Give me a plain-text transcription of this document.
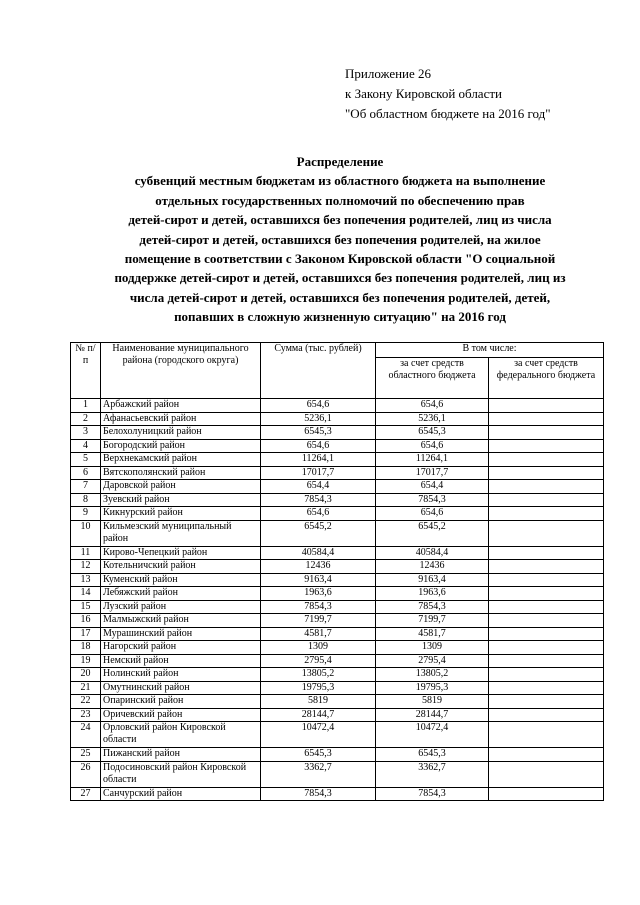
Приложение 26
к Закону Кировской области
"Об областном бюджете на 2016 год"
Распределение
субвенций местным бюджетам из областного бюджета на выполнение
отдельных государственных полномочий по обеспечению прав
детей-сирот и детей, оставшихся без попечения родителей, лиц из числа
детей-сирот и детей, оставшихся без попечения родителей, на жилое
помещение в соответствии с Законом Кировской области "О социальной
поддержке детей-сирот и детей, оставшихся без попечения родителей, лиц из
числа детей-сирот и детей, оставшихся без попечения родителей, детей,
попавших в сложную жизненную ситуацию" на 2016 год
№ п/п	Наименование муниципального района (городского округа)	Сумма (тыс. рублей)	В том числе:	
			за счет средств областного бюджета	за счет средств федерального бюджета
1	Арбажский район	654,6	654,6	
2	Афанасьевский район	5236,1	5236,1	
3	Белохолуницкий район	6545,3	6545,3	
4	Богородский район	654,6	654,6	
5	Верхнекамский район	11264,1	11264,1	
6	Вятскополянский район	17017,7	17017,7	
7	Даровской район	654,4	654,4	
8	Зуевский район	7854,3	7854,3	
9	Кикнурский район	654,6	654,6	
10	Кильмезский муниципальный район	6545,2	6545,2	
11	Кирово-Чепецкий район	40584,4	40584,4	
12	Котельничский район	12436	12436	
13	Куменский район	9163,4	9163,4	
14	Лебяжский район	1963,6	1963,6	
15	Лузский район	7854,3	7854,3	
16	Малмыжский район	7199,7	7199,7	
17	Мурашинский район	4581,7	4581,7	
18	Нагорский район	1309	1309	
19	Немский район	2795,4	2795,4	
20	Нолинский район	13805,2	13805,2	
21	Омутнинский район	19795,3	19795,3	
22	Опаринский район	5819	5819	
23	Оричевский район	28144,7	28144,7	
24	Орловский район Кировской области	10472,4	10472,4	
25	Пижанский район	6545,3	6545,3	
26	Подосиновский район Кировской области	3362,7	3362,7	
27	Санчурский район	7854,3	7854,3	
